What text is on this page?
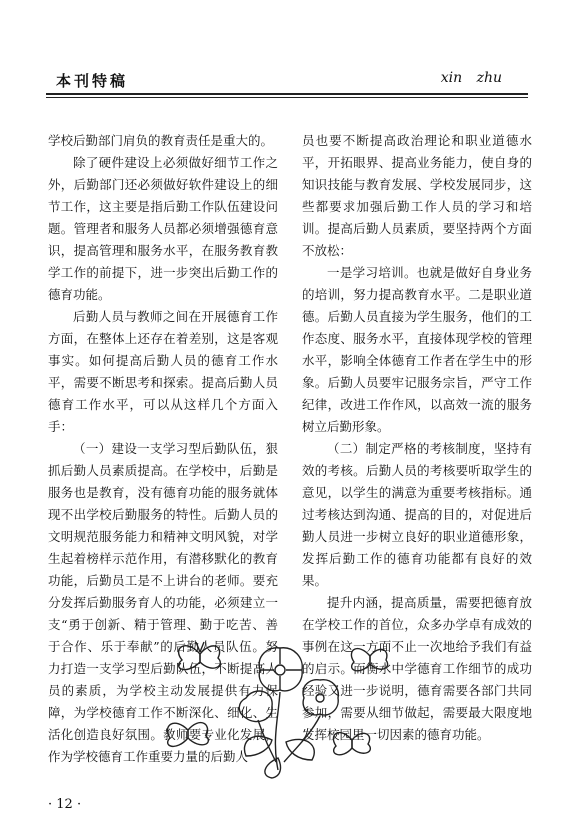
本刊特稿	xin zhu

学校后勤部门肩负的教育责任是重大的。

除了硬件建设上必须做好细节工作之外，后勤部门还必须做好软件建设上的细节工作，这主要是指后勤工作队伍建设问题。管理者和服务人员都必须增强德育意识，提高管理和服务水平，在服务教育教学工作的前提下，进一步突出后勤工作的德育功能。

后勤人员与教师之间在开展德育工作方面，在整体上还存在着差别，这是客观事实。如何提高后勤人员的德育工作水平，需要不断思考和探索。提高后勤人员德育工作水平，可以从这样几个方面入手：

（一）建设一支学习型后勤队伍，狠抓后勤人员素质提高。在学校中，后勤是服务也是教育，没有德育功能的服务就体现不出学校后勤服务的特性。后勤人员的文明规范服务能力和精神文明风貌，对学生起着榜样示范作用，有潜移默化的教育功能，后勤员工是不上讲台的老师。要充分发挥后勤服务育人的功能，必须建立一支“勇于创新、精于管理、勤于吃苦、善于合作、乐于奉献”的后勤人员队伍。努力打造一支学习型后勤队伍，不断提高人员的素质，为学校主动发展提供有力保障，为学校德育工作不断深化、细化、生活化创造良好氛围。教师要专业化发展，作为学校德育工作重要力量的后勤人

员也要不断提高政治理论和职业道德水平，开拓眼界、提高业务能力，使自身的知识技能与教育发展、学校发展同步，这些都要求加强后勤工作人员的学习和培训。提高后勤人员素质，要坚持两个方面不放松：

一是学习培训。也就是做好自身业务的培训，努力提高教育水平。二是职业道德。后勤人员直接为学生服务，他们的工作态度、服务水平，直接体现学校的管理水平，影响全体德育工作者在学生中的形象。后勤人员要牢记服务宗旨，严守工作纪律，改进工作作风，以高效一流的服务树立后勤形象。

（二）制定严格的考核制度，坚持有效的考核。后勤人员的考核要听取学生的意见，以学生的满意为重要考核指标。通过考核达到沟通、提高的目的，对促进后勤人员进一步树立良好的职业道德形象，发挥后勤工作的德育功能都有良好的效果。

提升内涵，提高质量，需要把德育放在学校工作的首位，众多办学卓有成效的事例在这一方面不止一次地给予我们有益的启示。而衡水中学德育工作细节的成功经验又进一步说明，德育需要各部门共同参加，需要从细节做起，需要最大限度地发挥校园里一切因素的德育功能。

· 12 ·
